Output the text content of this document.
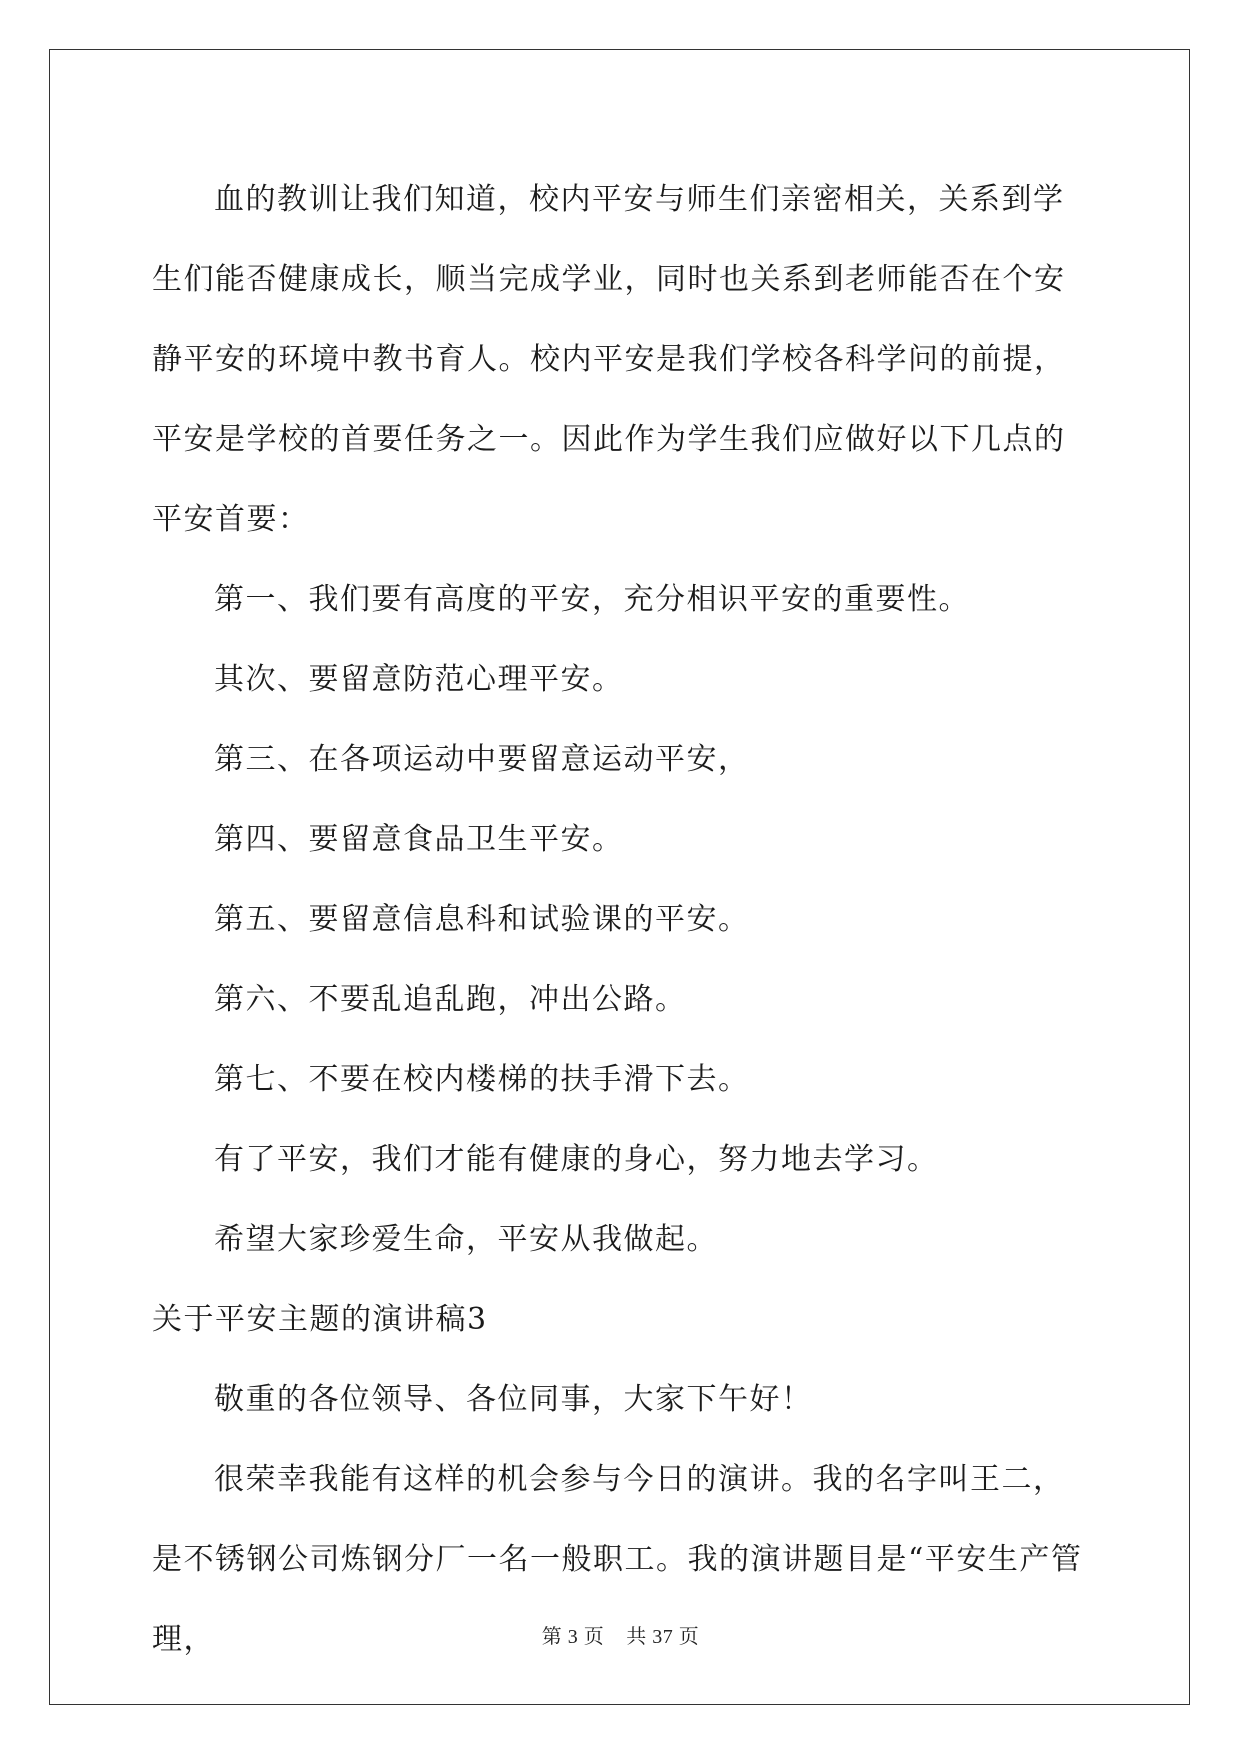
血的教训让我们知道，校内平安与师生们亲密相关，关系到学生们能否健康成长，顺当完成学业，同时也关系到老师能否在个安静平安的环境中教书育人。校内平安是我们学校各科学问的前提，平安是学校的首要任务之一。因此作为学生我们应做好以下几点的平安首要：

第一、我们要有高度的平安，充分相识平安的重要性。

其次、要留意防范心理平安。

第三、在各项运动中要留意运动平安，

第四、要留意食品卫生平安。

第五、要留意信息科和试验课的平安。

第六、不要乱追乱跑，冲出公路。

第七、不要在校内楼梯的扶手滑下去。

有了平安，我们才能有健康的身心，努力地去学习。

希望大家珍爱生命，平安从我做起。

关于平安主题的演讲稿3

敬重的各位领导、各位同事，大家下午好！

很荣幸我能有这样的机会参与今日的演讲。我的名字叫王二，是不锈钢公司炼钢分厂一名一般职工。我的演讲题目是“平安生产管理，	第 3 页 共 37 页
